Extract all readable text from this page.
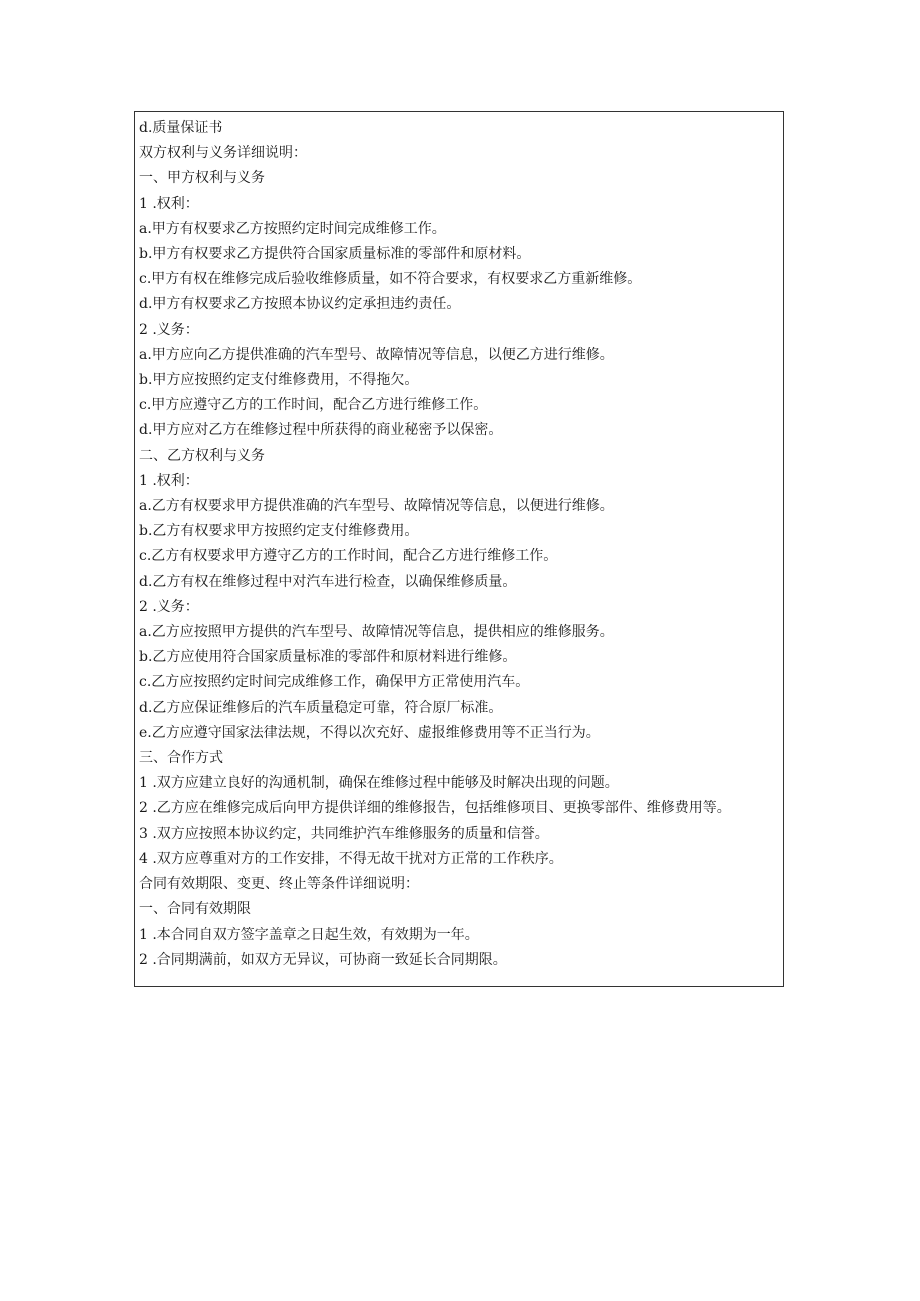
d.质量保证书
双方权利与义务详细说明：
一、甲方权利与义务
1 .权利：
a.甲方有权要求乙方按照约定时间完成维修工作。
b.甲方有权要求乙方提供符合国家质量标准的零部件和原材料。
c.甲方有权在维修完成后验收维修质量，如不符合要求，有权要求乙方重新维修。
d.甲方有权要求乙方按照本协议约定承担违约责任。
2 .义务：
a.甲方应向乙方提供准确的汽车型号、故障情况等信息，以便乙方进行维修。
b.甲方应按照约定支付维修费用，不得拖欠。
c.甲方应遵守乙方的工作时间，配合乙方进行维修工作。
d.甲方应对乙方在维修过程中所获得的商业秘密予以保密。
二、乙方权利与义务
1 .权利：
a.乙方有权要求甲方提供准确的汽车型号、故障情况等信息，以便进行维修。
b.乙方有权要求甲方按照约定支付维修费用。
c.乙方有权要求甲方遵守乙方的工作时间，配合乙方进行维修工作。
d.乙方有权在维修过程中对汽车进行检查，以确保维修质量。
2 .义务：
a.乙方应按照甲方提供的汽车型号、故障情况等信息，提供相应的维修服务。
b.乙方应使用符合国家质量标准的零部件和原材料进行维修。
c.乙方应按照约定时间完成维修工作，确保甲方正常使用汽车。
d.乙方应保证维修后的汽车质量稳定可靠，符合原厂标准。
e.乙方应遵守国家法律法规，不得以次充好、虚报维修费用等不正当行为。
三、合作方式
1 .双方应建立良好的沟通机制，确保在维修过程中能够及时解决出现的问题。
2 .乙方应在维修完成后向甲方提供详细的维修报告，包括维修项目、更换零部件、维修费用等。
3 .双方应按照本协议约定，共同维护汽车维修服务的质量和信誉。
4 .双方应尊重对方的工作安排，不得无故干扰对方正常的工作秩序。
合同有效期限、变更、终止等条件详细说明：
一、合同有效期限
1 .本合同自双方签字盖章之日起生效，有效期为一年。
2 .合同期满前，如双方无异议，可协商一致延长合同期限。
